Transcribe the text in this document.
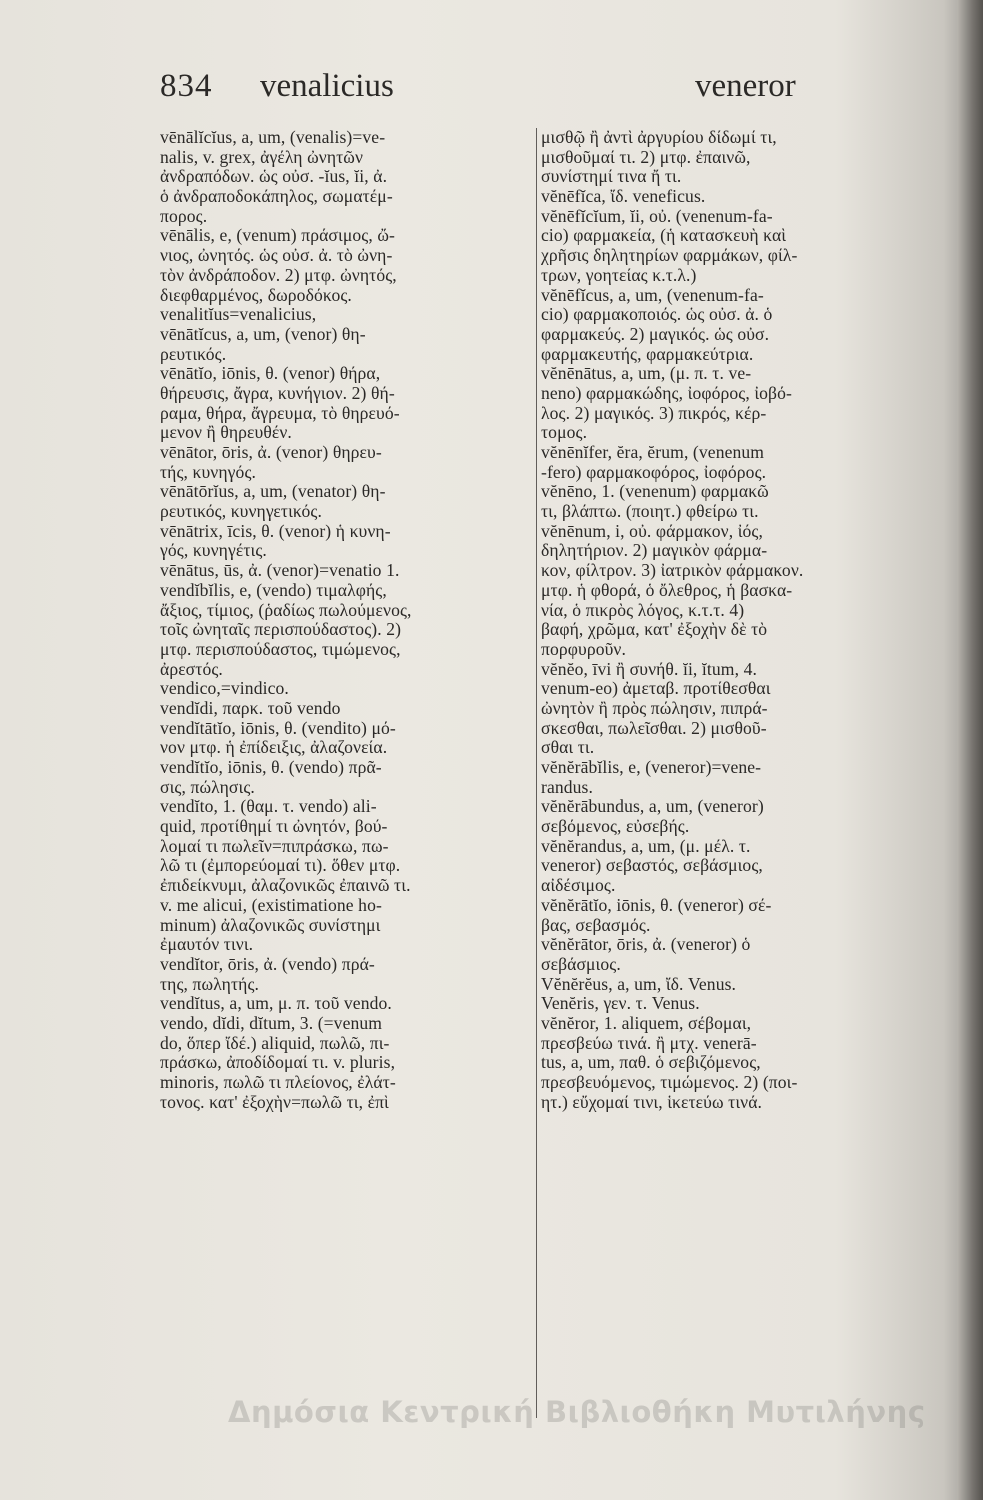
834 venalicius	veneror
vēnālĭcĭus, a, um, (venalis)=ve-
nalis, v. grex, ἀγέλη ὠνητῶν
ἀνδραπόδων. ὡς οὐσ. -ĭus, ĭi, ἀ.
ὁ ἀνδραποδοκάπηλος, σωματέμ-
πορος.
vēnālis, e, (venum) πράσιμος, ὤ-
νιος, ὠνητός. ὡς οὐσ. ἀ. τὸ ὠνη-
τὸν ἀνδράποδον. 2) μτφ. ὠνητός,
διεφθαρμένος, δωροδόκος.
venalitĭus=venalicius,
vēnātĭcus, a, um, (venor) θη-
ρευτικός.
vēnātĭo, iōnis, θ. (venor) θήρα,
θήρευσις, ἄγρα, κυνήγιον. 2) θή-
ραμα, θήρα, ἄγρευμα, τὸ θηρευό-
μενον ἢ θηρευθέν.
vēnātor, ōris, ἀ. (venor) θηρευ-
τής, κυνηγός.
vēnātōrĭus, a, um, (venator) θη-
ρευτικός, κυνηγετικός.
vēnātrix, īcis, θ. (venor) ἡ κυνη-
γός, κυνηγέτις.
vēnātus, ūs, ἀ. (venor)=venatio 1.
vendĭbĭlis, e, (vendo) τιμαλφής,
ἄξιος, τίμιος, (ῥαδίως πωλούμενος,
τοῖς ὠνηταῖς περισπούδαστος). 2)
μτφ. περισπούδαστος, τιμώμενος,
ἀρεστός.
vendico,=vindico.
vendĭdi, παρκ. τοῦ vendo
vendĭtātĭo, iōnis, θ. (vendito) μό-
νον μτφ. ἡ ἐπίδειξις, ἀλαζονεία.
vendĭtĭo, iōnis, θ. (vendo) πρᾶ-
σις, πώλησις.
vendĭto, 1. (θαμ. τ. vendo) ali-
quid, προτίθημί τι ὠνητόν, βού-
λομαί τι πωλεῖν=πιπράσκω, πω-
λῶ τι (ἐμπορεύομαί τι). ὅθεν μτφ.
ἐπιδείκνυμι, ἀλαζονικῶς ἐπαινῶ τι.
v. me alicui, (existimatione ho-
minum) ἀλαζονικῶς συνίστημι
ἐμαυτόν τινι.
vendĭtor, ōris, ἀ. (vendo) πρά-
της, πωλητής.
vendĭtus, a, um, μ. π. τοῦ vendo.
vendo, dĭdi, dĭtum, 3. (=venum
do, ὅπερ ἴδέ.) aliquid, πωλῶ, πι-
πράσκω, ἀποδίδομαί τι. v. pluris,
minoris, πωλῶ τι πλείονος, ἐλάτ-
τονος. κατ' ἐξοχὴν=πωλῶ τι, ἐπὶ
μισθῷ ἢ ἀντὶ ἀργυρίου δίδωμί τι,
μισθοῦμαί τι. 2) μτφ. ἐπαινῶ,
συνίστημί τινα ἤ τι.
vĕnēfĭca, ἴδ. veneficus.
vĕnēfĭcĭum, ĭi, οὐ. (venenum-fa-
cio) φαρμακεία, (ἡ κατασκευὴ καὶ
χρῆσις δηλητηρίων φαρμάκων, φίλ-
τρων, γοητείας κ.τ.λ.)
vĕnēfĭcus, a, um, (venenum-fa-
cio) φαρμακοποιός. ὡς οὐσ. ἀ. ὁ
φαρμακεύς. 2) μαγικός. ὡς οὐσ.
φαρμακευτής, φαρμακεύτρια.
vĕnēnātus, a, um, (μ. π. τ. ve-
neno) φαρμακώδης, ἰοφόρος, ἰοβό-
λος. 2) μαγικός. 3) πικρός, κέρ-
τομος.
vĕnēnĭfer, ĕra, ĕrum, (venenum
-fero) φαρμακοφόρος, ἰοφόρος.
vĕnēno, 1. (venenum) φαρμακῶ
τι, βλάπτω. (ποιητ.) φθείρω τι.
vĕnēnum, i, οὐ. φάρμακον, ἰός,
δηλητήριον. 2) μαγικὸν φάρμα-
κον, φίλτρον. 3) ἰατρικὸν φάρμακον.
μτφ. ἡ φθορά, ὁ ὄλεθρος, ἡ βασκα-
νία, ὁ πικρὸς λόγος, κ.τ.τ. 4)
βαφή, χρῶμα, κατ' ἐξοχὴν δὲ τὸ
πορφυροῦν.
vĕnĕo, īvi ἢ συνήθ. ĭi, ĭtum, 4.
venum-eo) ἀμεταβ. προτίθεσθαι
ὠνητὸν ἢ πρὸς πώλησιν, πιπρά-
σκεσθαι, πωλεῖσθαι. 2) μισθοῦ-
σθαι τι.
vĕnĕrābĭlis, e, (veneror)=vene-
randus.
vĕnĕrābundus, a, um, (veneror)
σεβόμενος, εὐσεβής.
vĕnĕrandus, a, um, (μ. μέλ. τ.
veneror) σεβαστός, σεβάσμιος,
αἰδέσιμος.
vĕnĕrātĭo, iōnis, θ. (veneror) σέ-
βας, σεβασμός.
vĕnĕrātor, ōris, ἀ. (veneror) ὁ
σεβάσμιος.
Vĕnĕrĕus, a, um, ἴδ. Venus.
Venĕris, γεν. τ. Venus.
vĕnĕror, 1. aliquem, σέβομαι,
πρεσβεύω τινά. ἢ μτχ. venerā-
tus, a, um, παθ. ὁ σεβιζόμενος,
πρεσβευόμενος, τιμώμενος. 2) (ποι-
ητ.) εὔχομαί τινι, ἱκετεύω τινά.
Δημόσια Κεντρική Βιβλιοθήκη Μυτιλήνης
